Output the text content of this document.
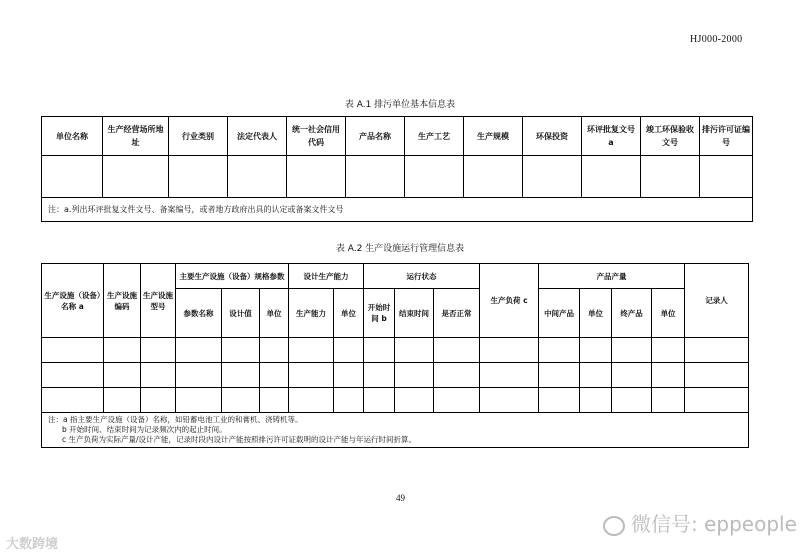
HJ000-2000
表 A.1 排污单位基本信息表
单位名称	生产经营场所地址	行业类别	法定代表人	统一社会信用代码	产品名称	生产工艺	生产规模	环保投资	环评批复文号 a	竣工环保验收文号	排污许可证编号

注：a.列出环评批复文件文号、备案编号，或者地方政府出具的认定或备案文件文号											
表 A.2 生产设施运行管理信息表
生产设施（设备）名称 a	生产设施编码	生产设施型号	主要生产设施（设备）规格参数			设计生产能力		运行状态			生产负荷 c	产品产量				记录人
			参数名称	设计值	单位	生产能力	单位	开始时间 b	结束时间	是否正常		中间产品	单位	终产品	单位	

注：a 指主要生产设施（设备）名称，如铅蓄电池工业的和膏机、浇铸机等。
b 开始时间、结束时间为记录频次内的起止时间。
c 生产负荷为实际产量/设计产能，记录时段内设计产能按照排污许可证载明的设计产能与年运行时间折算。																
49
大数跨境
微信号: eppeople
